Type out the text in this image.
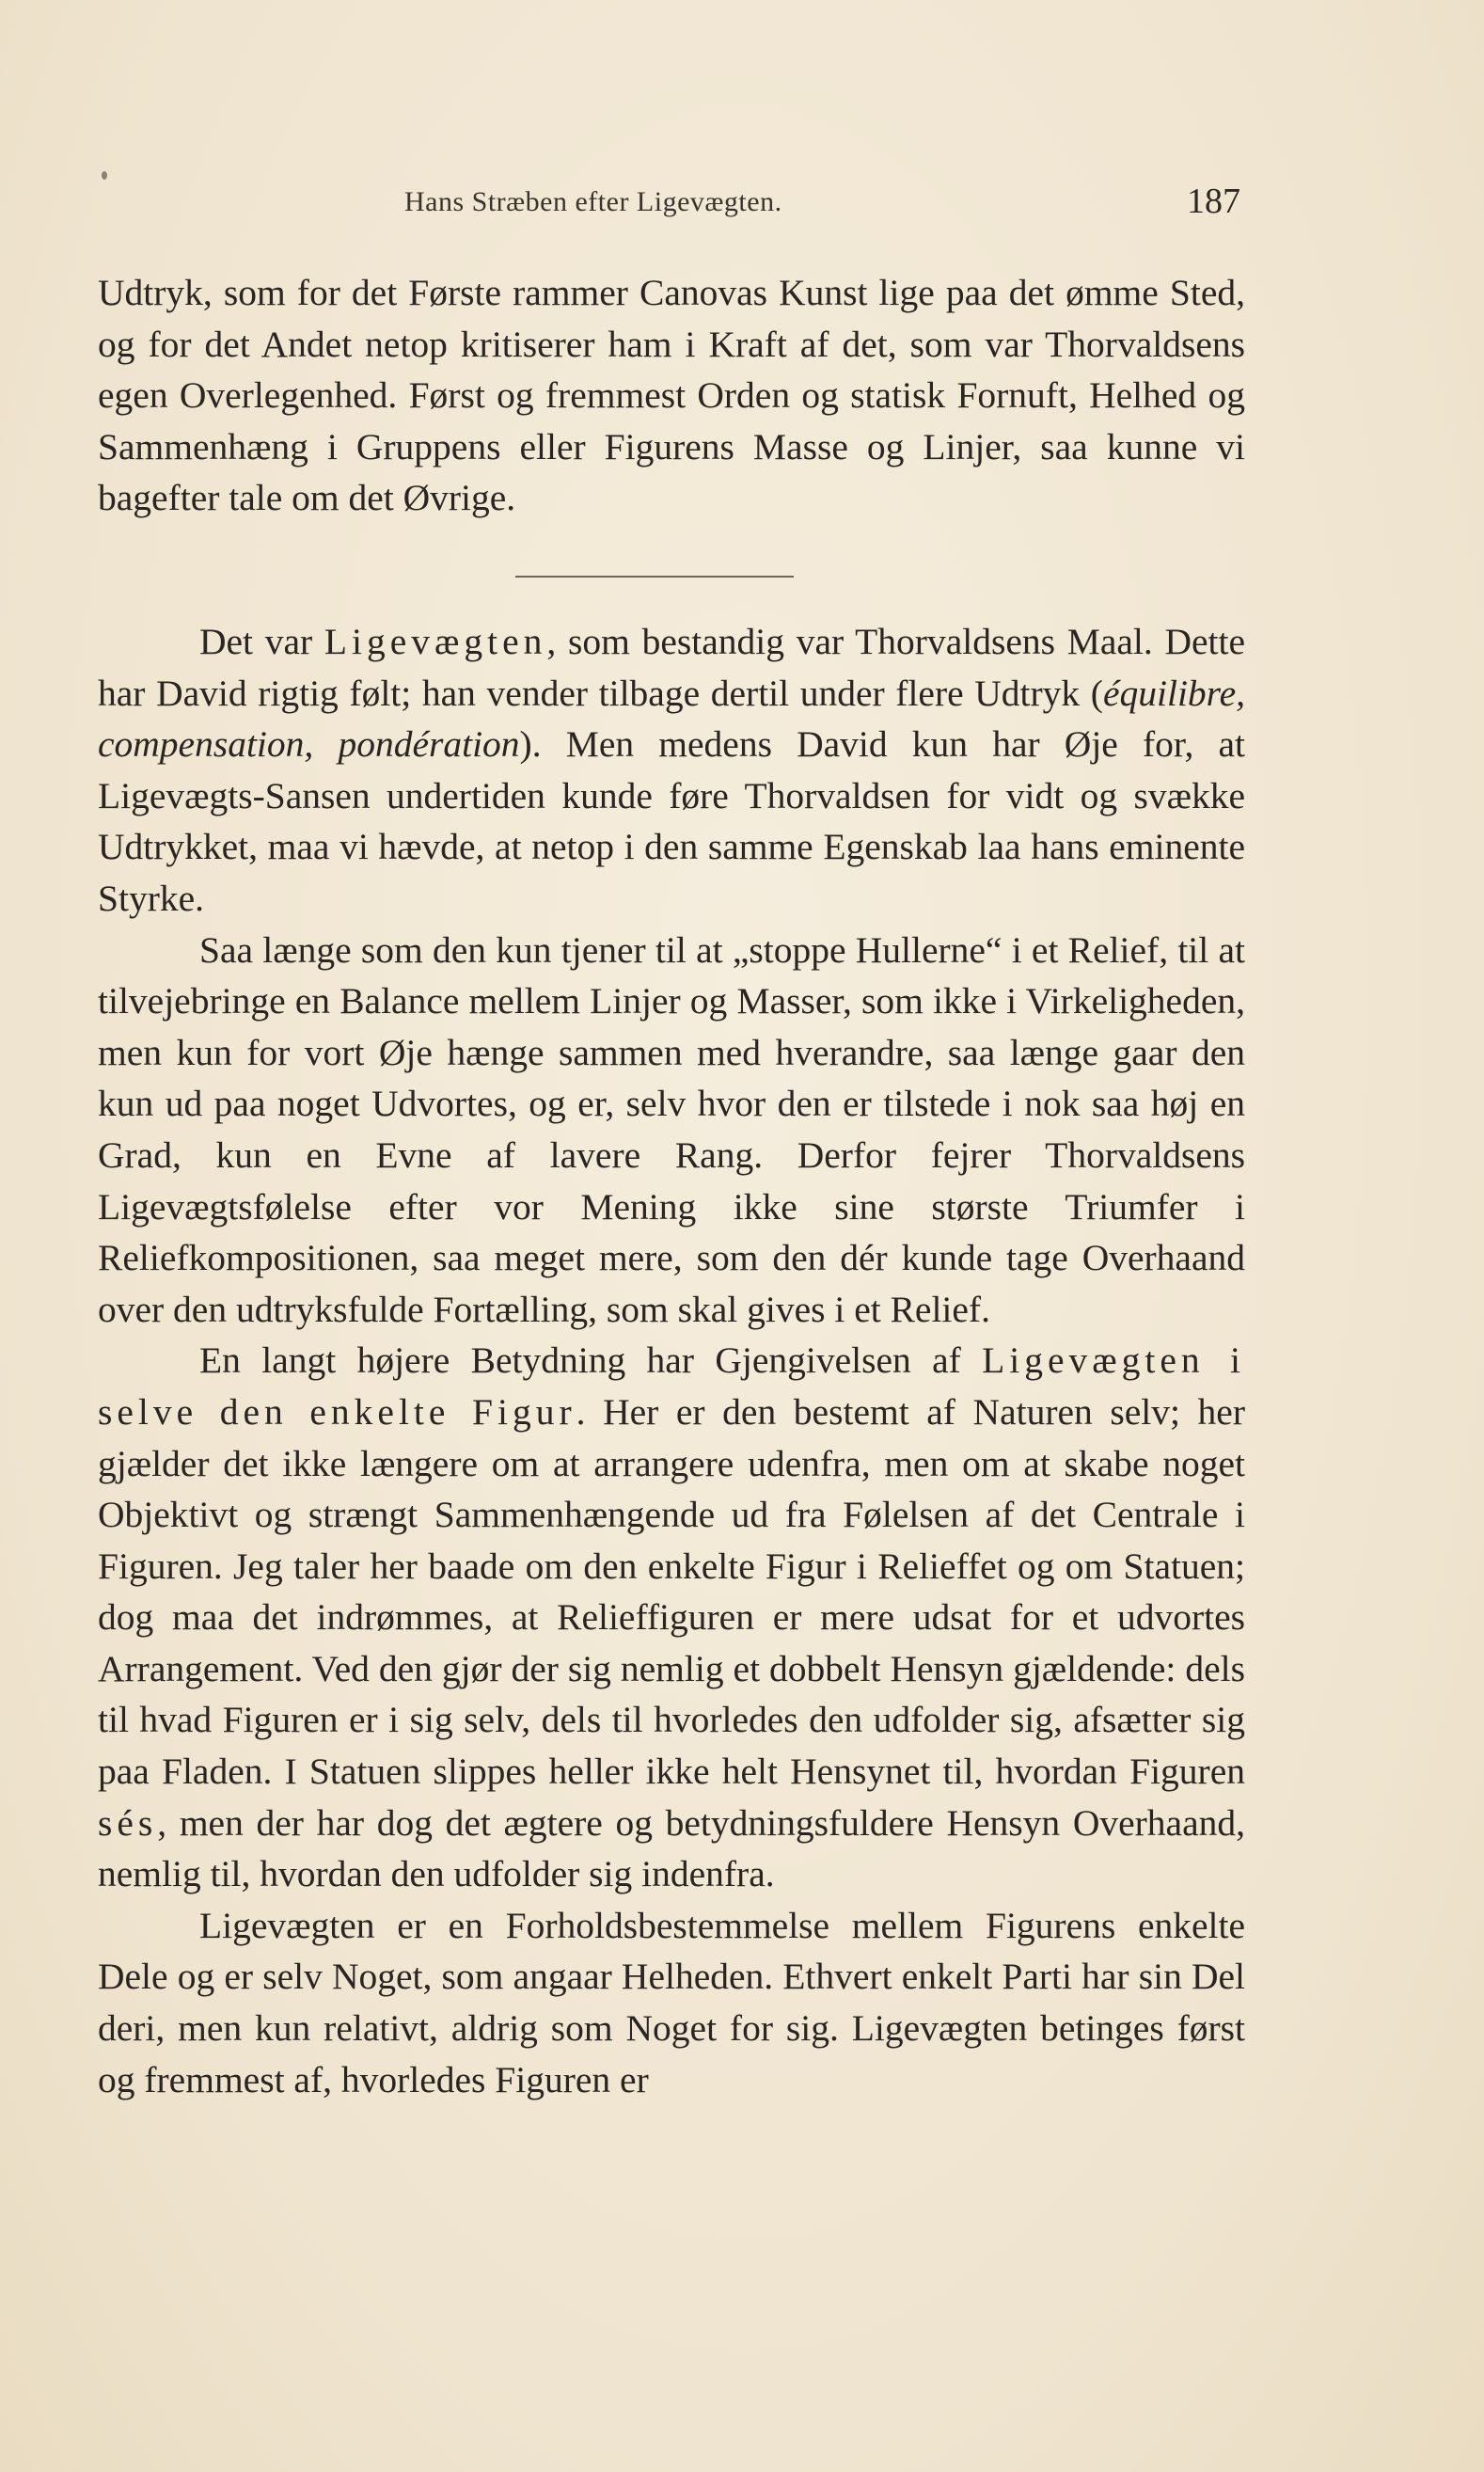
Hans Stræben efter Ligevægten.	187

Udtryk, som for det Første rammer Canovas Kunst lige paa det ømme Sted, og for det Andet netop kritiserer ham i Kraft af det, som var Thorvaldsens egen Overlegenhed. Først og fremmest Orden og statisk Fornuft, Helhed og Sammenhæng i Gruppens eller Figurens Masse og Linjer, saa kunne vi bagefter tale om det Øvrige.

Det var Ligevægten, som bestandig var Thorvaldsens Maal. Dette har David rigtig følt; han vender tilbage dertil under flere Udtryk (équilibre, compensation, pondération). Men medens David kun har Øje for, at Ligevægts-Sansen undertiden kunde føre Thorvaldsen for vidt og svække Udtrykket, maa vi hævde, at netop i den samme Egenskab laa hans eminente Styrke.

Saa længe som den kun tjener til at „stoppe Hullerne“ i et Relief, til at tilvejebringe en Balance mellem Linjer og Masser, som ikke i Virkeligheden, men kun for vort Øje hænge sammen med hverandre, saa længe gaar den kun ud paa noget Udvortes, og er, selv hvor den er tilstede i nok saa høj en Grad, kun en Evne af lavere Rang. Derfor fejrer Thorvaldsens Ligevægtsfølelse efter vor Mening ikke sine største Triumfer i Reliefkompositionen, saa meget mere, som den dér kunde tage Overhaand over den udtryksfulde Fortælling, som skal gives i et Relief.

En langt højere Betydning har Gjengivelsen af Ligevægten i selve den enkelte Figur. Her er den bestemt af Naturen selv; her gjælder det ikke længere om at arrangere udenfra, men om at skabe noget Objektivt og strængt Sammenhængende ud fra Følelsen af det Centrale i Figuren. Jeg taler her baade om den enkelte Figur i Relieffet og om Statuen; dog maa det indrømmes, at Relieffiguren er mere udsat for et udvortes Arrangement. Ved den gjør der sig nemlig et dobbelt Hensyn gjældende: dels til hvad Figuren er i sig selv, dels til hvorledes den udfolder sig, afsætter sig paa Fladen. I Statuen slippes heller ikke helt Hensynet til, hvordan Figuren sés, men der har dog det ægtere og betydningsfuldere Hensyn Overhaand, nemlig til, hvordan den udfolder sig indenfra.

Ligevægten er en Forholdsbestemmelse mellem Figurens enkelte Dele og er selv Noget, som angaar Helheden. Ethvert enkelt Parti har sin Del deri, men kun relativt, aldrig som Noget for sig. Ligevægten betinges først og fremmest af, hvorledes Figuren er
